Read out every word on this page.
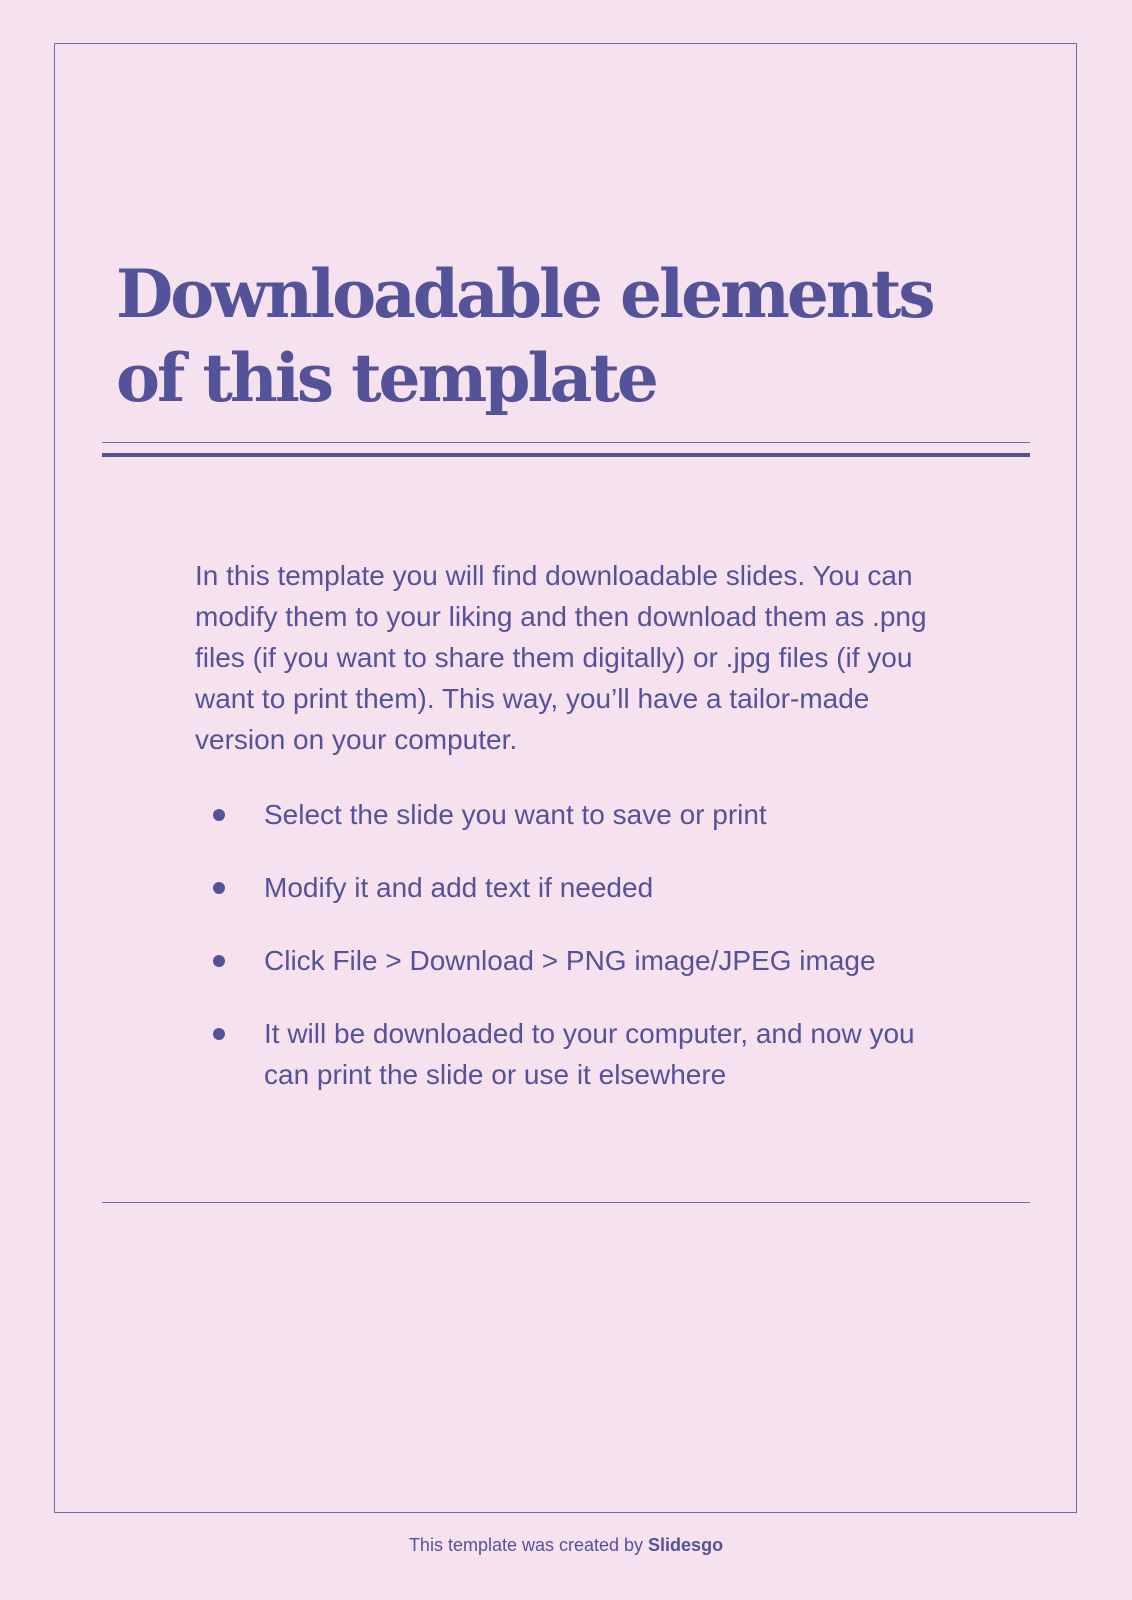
Downloadable elements of this template

In this template you will find downloadable slides. You can modify them to your liking and then download them as .png files (if you want to share them digitally) or .jpg files (if you want to print them). This way, you’ll have a tailor-made version on your computer.

Select the slide you want to save or print
Modify it and add text if needed
Click File > Download > PNG image/JPEG image
It will be downloaded to your computer, and now you can print the slide or use it elsewhere
This template was created by Slidesgo
